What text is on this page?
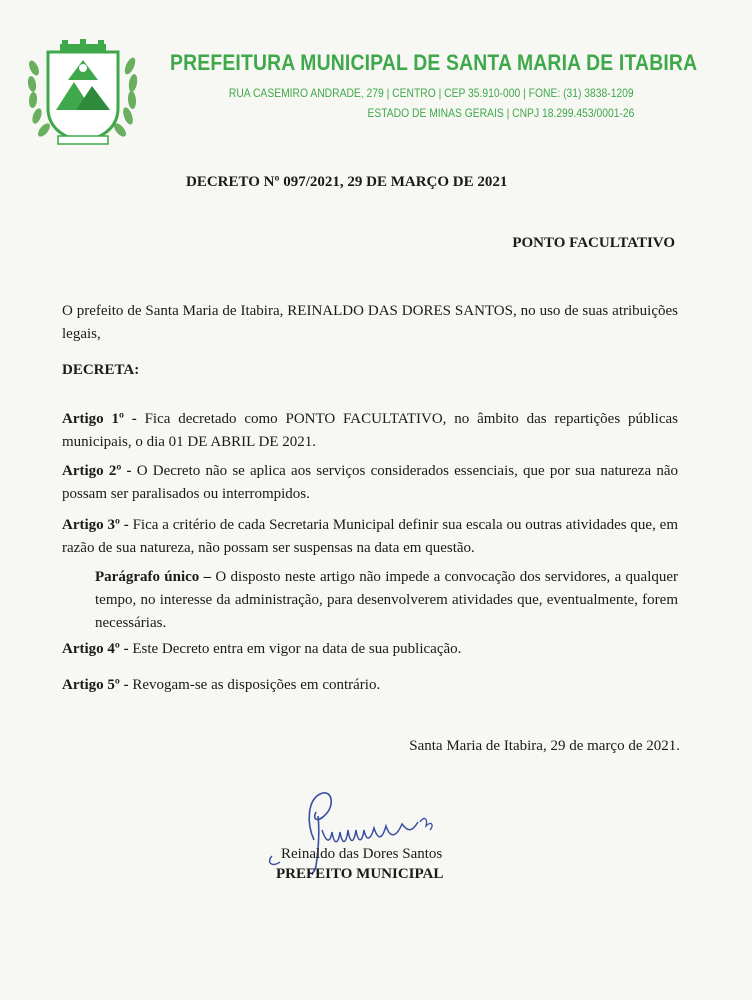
PREFEITURA MUNICIPAL DE SANTA MARIA DE ITABIRA
RUA CASEMIRO ANDRADE, 279 | CENTRO | CEP 35.910-000 | FONE: (31) 3838-1209
ESTADO DE MINAS GERAIS | CNPJ 18.299.453/0001-26
DECRETO Nº 097/2021, 29 DE MARÇO DE 2021
PONTO FACULTATIVO
O prefeito de Santa Maria de Itabira, REINALDO DAS DORES SANTOS, no uso de suas atribuições legais,
DECRETA:
Artigo 1º - Fica decretado como PONTO FACULTATIVO, no âmbito das repartições públicas municipais, o dia 01 DE ABRIL DE 2021.
Artigo 2º - O Decreto não se aplica aos serviços considerados essenciais, que por sua natureza não possam ser paralisados ou interrompidos.
Artigo 3º - Fica a critério de cada Secretaria Municipal definir sua escala ou outras atividades que, em razão de sua natureza, não possam ser suspensas na data em questão.
Parágrafo único – O disposto neste artigo não impede a convocação dos servidores, a qualquer tempo, no interesse da administração, para desenvolverem atividades que, eventualmente, forem necessárias.
Artigo 4º - Este Decreto entra em vigor na data de sua publicação.
Artigo 5º - Revogam-se as disposições em contrário.
Santa Maria de Itabira, 29 de março de 2021.
Reinaldo das Dores Santos
PREFEITO MUNICIPAL
